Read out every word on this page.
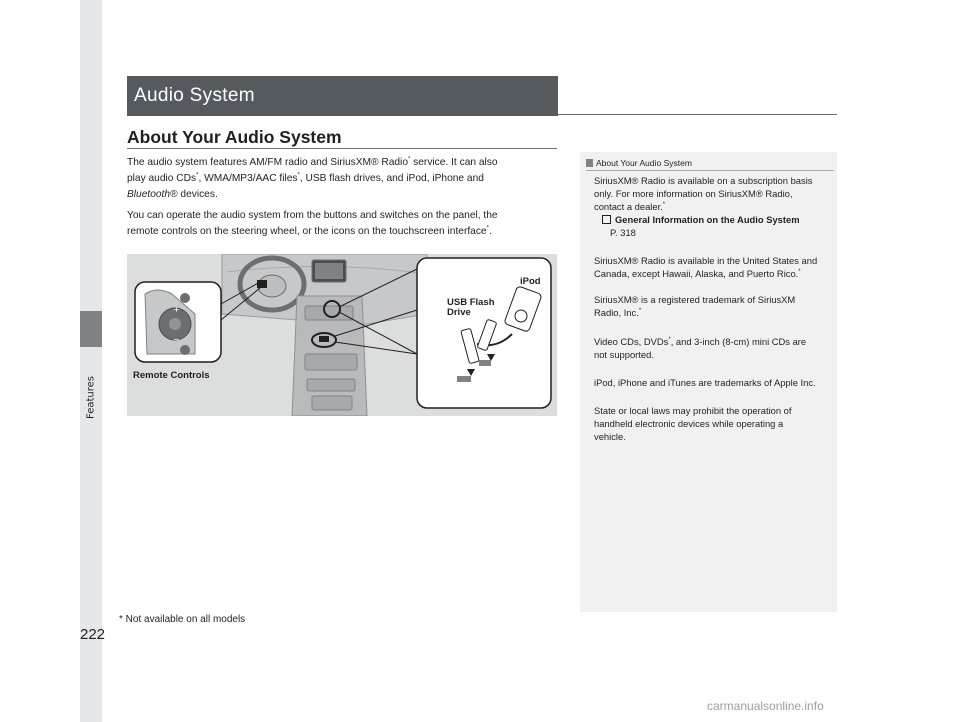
Features
Audio System
About Your Audio System
The audio system features AM/FM radio and SiriusXM® Radio* service. It can also
play audio CDs*, WMA/MP3/AAC files*, USB flash drives, and iPod, iPhone and
Bluetooth® devices.
You can operate the audio system from the buttons and switches on the panel, the
remote controls on the steering wheel, or the icons on the touchscreen interface*.
+
−
Remote Controls
USB Flash
Drive
iPod
About Your Audio System
SiriusXM® Radio is available on a subscription basis
only. For more information on SiriusXM® Radio,
contact a dealer.*
General Information on the Audio System
P. 318
SiriusXM® Radio is available in the United States and
Canada, except Hawaii, Alaska, and Puerto Rico.*
SiriusXM® is a registered trademark of SiriusXM
Radio, Inc.*
Video CDs, DVDs*, and 3-inch (8-cm) mini CDs are
not supported.
iPod, iPhone and iTunes are trademarks of Apple Inc.
State or local laws may prohibit the operation of
handheld electronic devices while operating a
vehicle.
222
* Not available on all models
carmanualsonline.info
